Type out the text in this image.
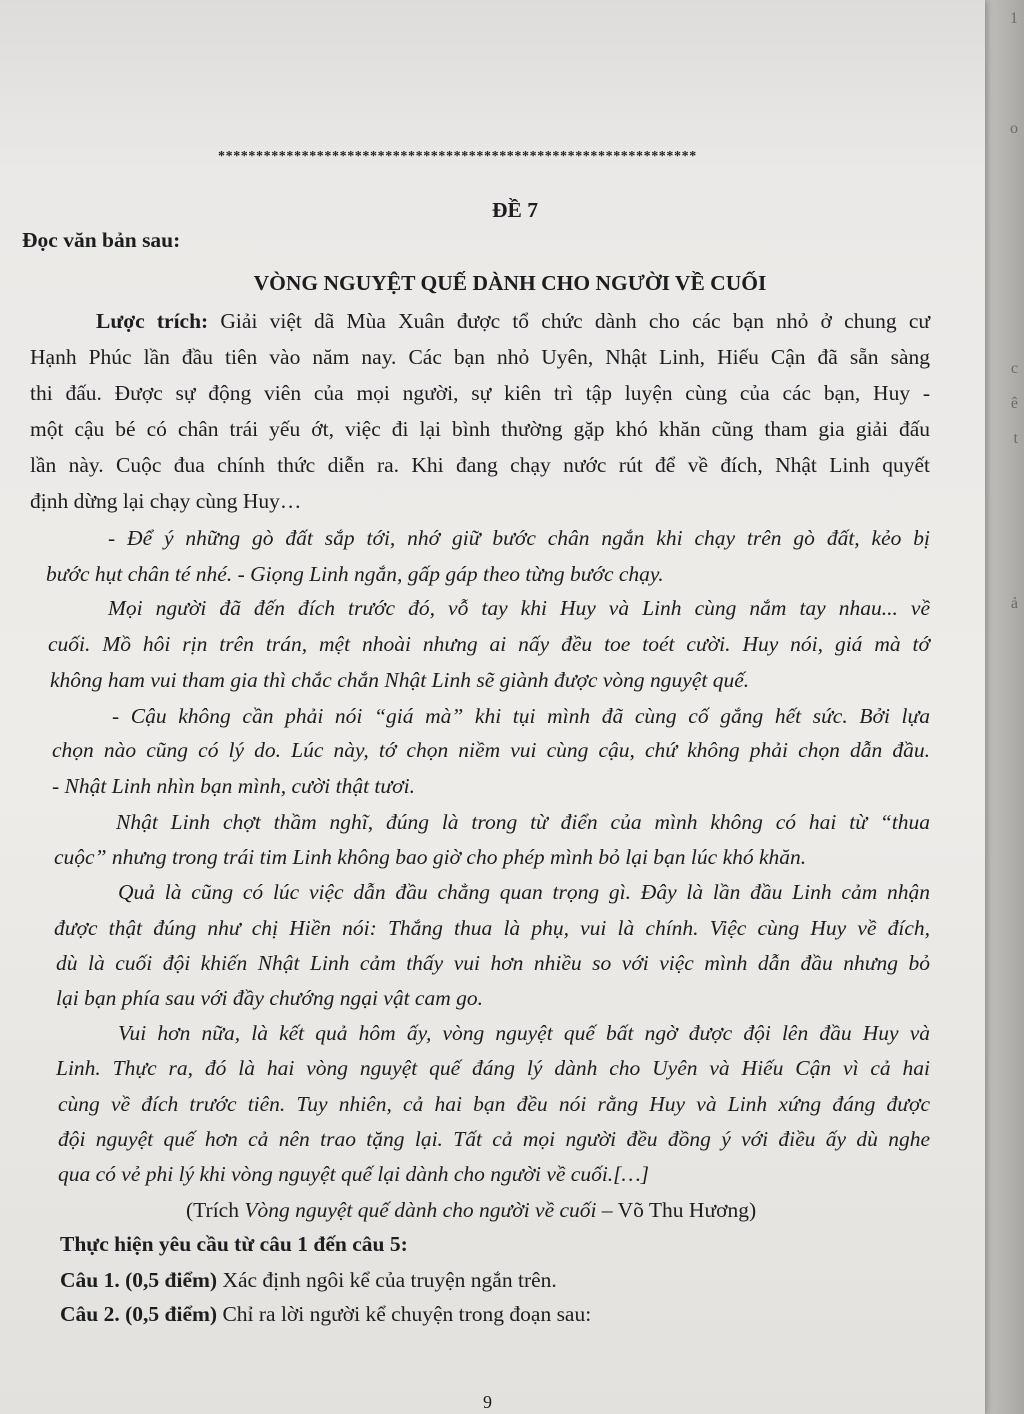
1
o
c
ê
t
ả
***************************************************************
ĐỀ 7
Đọc văn bản sau:
VÒNG NGUYỆT QUẾ DÀNH CHO NGƯỜI VỀ CUỐI
Lược trích: Giải việt dã Mùa Xuân được tổ chức dành cho các bạn nhỏ ở chung cư
Hạnh Phúc lần đầu tiên vào năm nay. Các bạn nhỏ Uyên, Nhật Linh, Hiếu Cận đã sẵn sàng
thi đấu. Được sự động viên của mọi người, sự kiên trì tập luyện cùng của các bạn, Huy -
một cậu bé có chân trái yếu ớt, việc đi lại bình thường gặp khó khăn cũng tham gia giải đấu
lần này. Cuộc đua chính thức diễn ra. Khi đang chạy nước rút để về đích, Nhật Linh quyết
định dừng lại chạy cùng Huy…
- Để ý những gò đất sắp tới, nhớ giữ bước chân ngắn khi chạy trên gò đất, kẻo bị
bước hụt chân té nhé. - Giọng Linh ngắn, gấp gáp theo từng bước chạy.
Mọi người đã đến đích trước đó, vỗ tay khi Huy và Linh cùng nắm tay nhau... về
cuối. Mồ hôi rịn trên trán, mệt nhoài nhưng ai nấy đều toe toét cười. Huy nói, giá mà tớ
không ham vui tham gia thì chắc chắn Nhật Linh sẽ giành được vòng nguyệt quế.
- Cậu không cần phải nói “giá mà” khi tụi mình đã cùng cố gắng hết sức. Bởi lựa
chọn nào cũng có lý do. Lúc này, tớ chọn niềm vui cùng cậu, chứ không phải chọn dẫn đầu.
- Nhật Linh nhìn bạn mình, cười thật tươi.
Nhật Linh chợt thầm nghĩ, đúng là trong từ điển của mình không có hai từ “thua
cuộc” nhưng trong trái tim Linh không bao giờ cho phép mình bỏ lại bạn lúc khó khăn.
Quả là cũng có lúc việc dẫn đầu chẳng quan trọng gì. Đây là lần đầu Linh cảm nhận
được thật đúng như chị Hiền nói: Thắng thua là phụ, vui là chính. Việc cùng Huy về đích,
dù là cuối đội khiến Nhật Linh cảm thấy vui hơn nhiều so với việc mình dẫn đầu nhưng bỏ
lại bạn phía sau với đầy chướng ngại vật cam go.
Vui hơn nữa, là kết quả hôm ấy, vòng nguyệt quế bất ngờ được đội lên đầu Huy và
Linh. Thực ra, đó là hai vòng nguyệt quế đáng lý dành cho Uyên và Hiếu Cận vì cả hai
cùng về đích trước tiên. Tuy nhiên, cả hai bạn đều nói rằng Huy và Linh xứng đáng được
đội nguyệt quế hơn cả nên trao tặng lại. Tất cả mọi người đều đồng ý với điều ấy dù nghe
qua có vẻ phi lý khi vòng nguyệt quế lại dành cho người về cuối.[…]
(Trích Vòng nguyệt quế dành cho người về cuối – Võ Thu Hương)
Thực hiện yêu cầu từ câu 1 đến câu 5:
Câu 1. (0,5 điểm) Xác định ngôi kể của truyện ngắn trên.
Câu 2. (0,5 điểm) Chỉ ra lời người kể chuyện trong đoạn sau:
9
